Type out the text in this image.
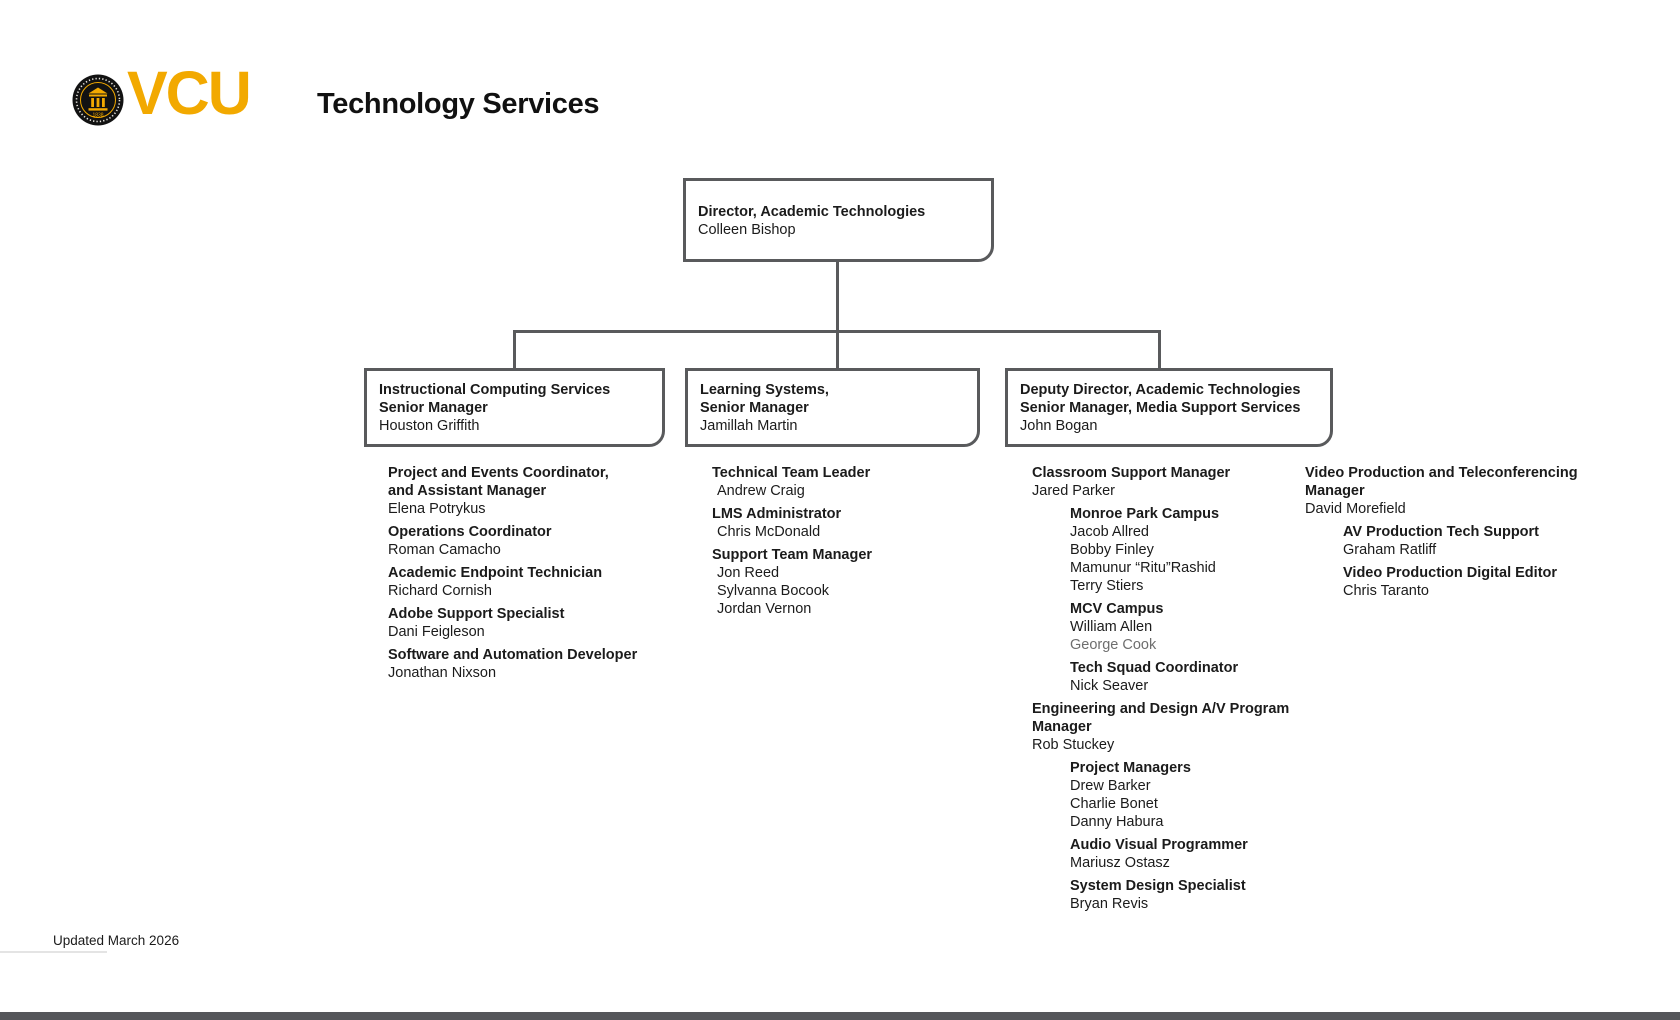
1838 VCU Technology Services
Director, Academic Technologies
Colleen Bishop
Instructional Computing Services
Senior Manager
Houston Griffith
Learning Systems,
Senior Manager
Jamillah Martin
Deputy Director, Academic Technologies
Senior Manager, Media Support Services
John Bogan
Project and Events Coordinator,
and Assistant Manager
Elena Potrykus
Operations Coordinator
Roman Camacho
Academic Endpoint Technician
Richard Cornish
Adobe Support Specialist
Dani Feigleson
Software and Automation Developer
Jonathan Nixson
Technical Team Leader
Andrew Craig
LMS Administrator
Chris McDonald
Support Team Manager
Jon Reed
Sylvanna Bocook
Jordan Vernon
Classroom Support Manager
Jared Parker
Monroe Park Campus
Jacob Allred
Bobby Finley
Mamunur “Ritu”Rashid
Terry Stiers
MCV Campus
William Allen
George Cook
Tech Squad Coordinator
Nick Seaver
Engineering and Design A/V Program
Manager
Rob Stuckey
Project Managers
Drew Barker
Charlie Bonet
Danny Habura
Audio Visual Programmer
Mariusz Ostasz
System Design Specialist
Bryan Revis
Video Production and Teleconferencing
Manager
David Morefield
AV Production Tech Support
Graham Ratliff
Video Production Digital Editor
Chris Taranto
Updated March 2026
